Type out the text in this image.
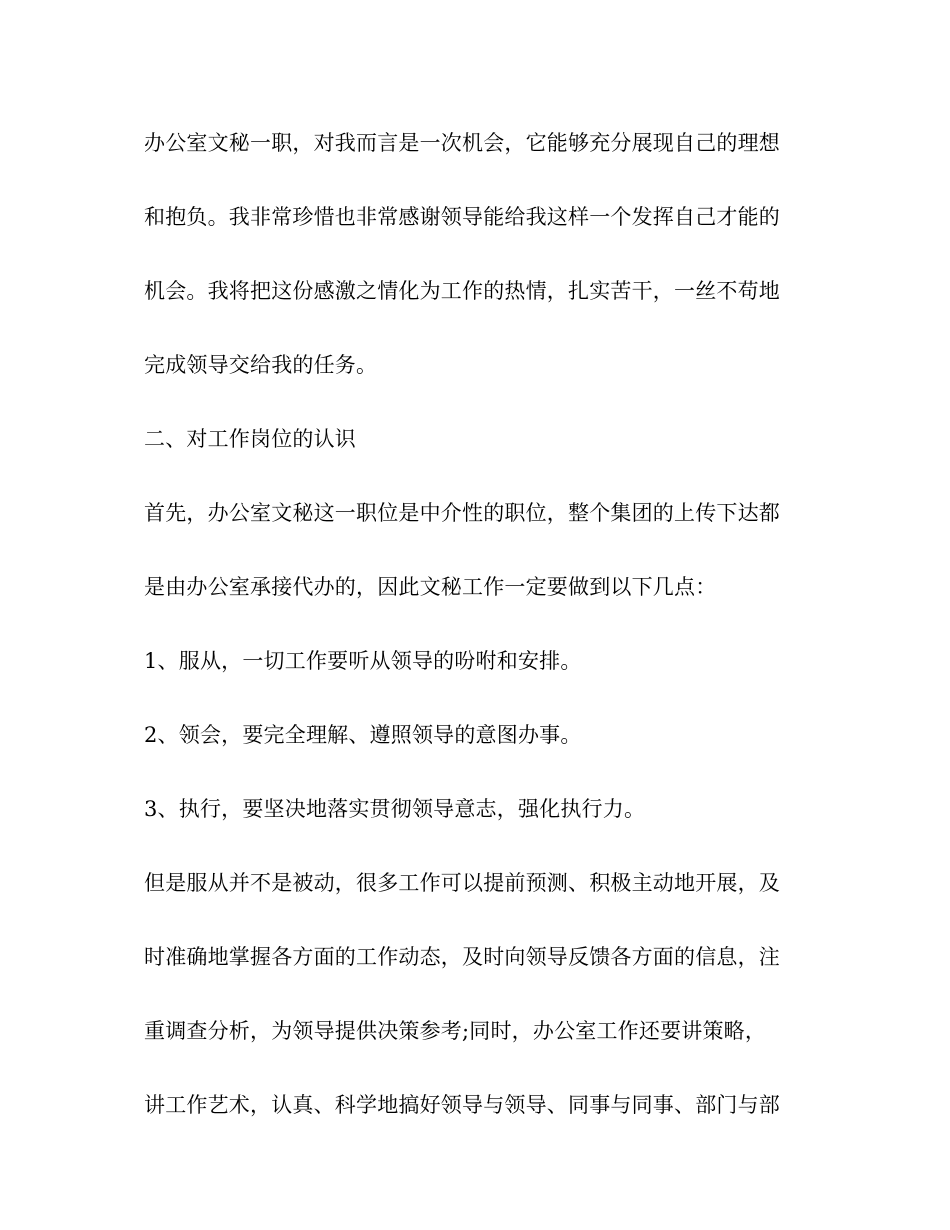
办公室文秘一职，对我而言是一次机会，它能够充分展现自己的理想
和抱负。我非常珍惜也非常感谢领导能给我这样一个发挥自己才能的
机会。我将把这份感激之情化为工作的热情，扎实苦干，一丝不苟地
完成领导交给我的任务。
二、对工作岗位的认识
首先，办公室文秘这一职位是中介性的职位，整个集团的上传下达都
是由办公室承接代办的，因此文秘工作一定要做到以下几点：
1、服从，一切工作要听从领导的吩咐和安排。
2、领会，要完全理解、遵照领导的意图办事。
3、执行，要坚决地落实贯彻领导意志，强化执行力。
但是服从并不是被动，很多工作可以提前预测、积极主动地开展，及
时准确地掌握各方面的工作动态，及时向领导反馈各方面的信息，注
重调查分析，为领导提供决策参考;同时，办公室工作还要讲策略，
讲工作艺术，认真、科学地搞好领导与领导、同事与同事、部门与部
